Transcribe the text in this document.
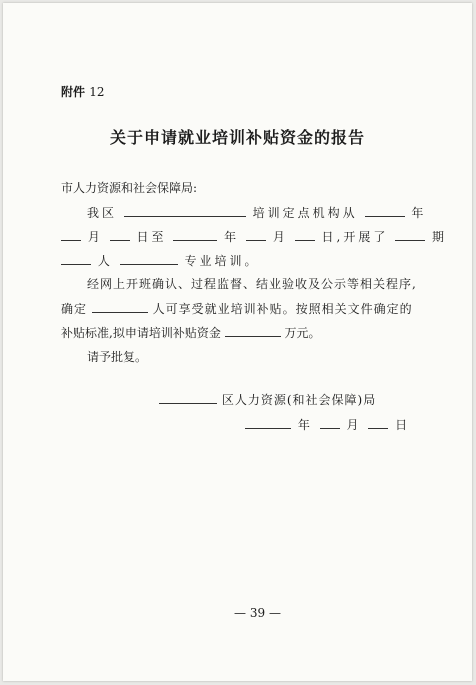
附件 12
关于申请就业培训补贴资金的报告
市人力资源和社会保障局:
我区	培训定点机构从	年
月	日至	年	月	日,开展了	期
人	专业培训。
经网上开班确认、过程监督、结业验收及公示等相关程序,
确定	人可享受就业培训补贴。按照相关文件确定的
补贴标准,拟申请培训补贴资金	万元。
请予批复。
区人力资源(和社会保障)局
年	月	日
— 39 —
